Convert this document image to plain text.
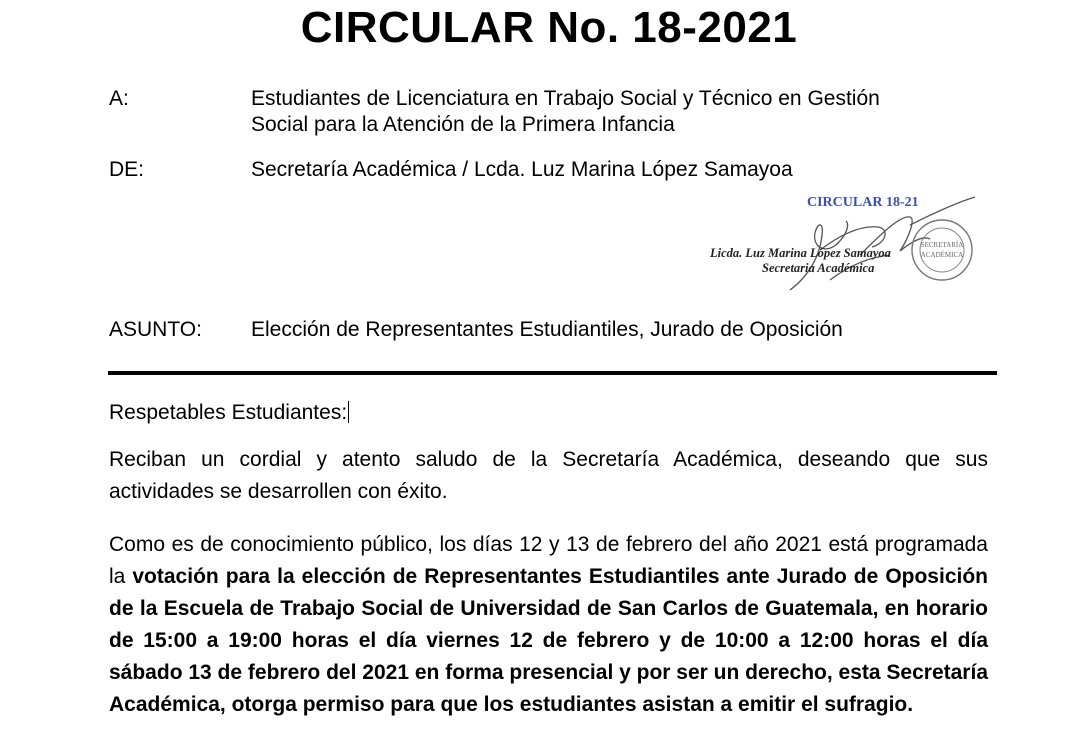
CIRCULAR No. 18-2021
A:	Estudiantes de Licenciatura en Trabajo Social y Técnico en Gestión
Social para la Atención de la Primera Infancia
DE:	Secretaría Académica / Lcda. Luz Marina López Samayoa
SECRETARÍA
ACADÉMICA
CIRCULAR 18-21
Licda. Luz Marina López Samayoa
Secretaria Académica
ASUNTO: Elección de Representantes Estudiantiles, Jurado de Oposición
Respetables Estudiantes:
Reciban un cordial y atento saludo de la Secretaría Académica, deseando que sus actividades se desarrollen con éxito.
Como es de conocimiento público, los días 12 y 13 de febrero del año 2021 está programada la votación para la elección de Representantes Estudiantiles ante Jurado de Oposición de la Escuela de Trabajo Social de Universidad de San Carlos de Guatemala, en horario de 15:00 a 19:00 horas el día viernes 12 de febrero y de 10:00 a 12:00 horas el día sábado 13 de febrero del 2021 en forma presencial y por ser un derecho, esta Secretaría Académica, otorga permiso para que los estudiantes asistan a emitir el sufragio.
